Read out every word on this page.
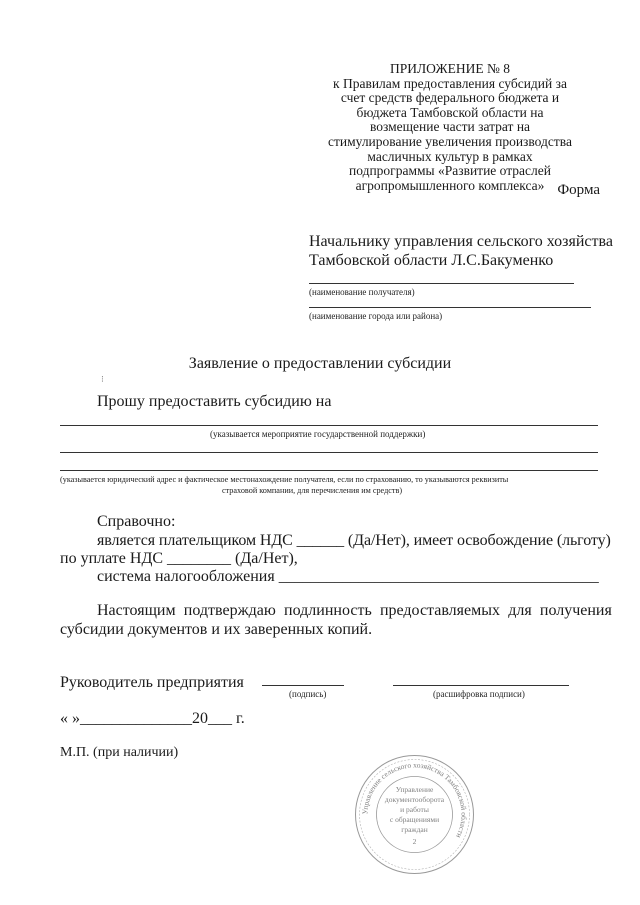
ПРИЛОЖЕНИЕ № 8
к Правилам предоставления субсидий за
счет средств федерального бюджета и
бюджета Тамбовской области на
возмещение части затрат на
стимулирование увеличения производства
масличных культур в рамках
подпрограммы «Развитие отраслей
агропромышленного комплекса» Форма
Начальнику управления сельского хозяйства
Тамбовской области Л.С.Бакуменко
(наименование получателя)
(наименование города или района)
Заявление о предоставлении субсидии
⁝
Прошу предоставить субсидию на
(указывается мероприятие государственной поддержки)
(указывается юридический адрес и фактическое местонахождение получателя, если по страхованию, то указываются реквизиты
страховой компании, для перечисления им средств)
Справочно:
является плательщиком НДС ______ (Да/Нет), имеет освобождение (льготу)
по уплате НДС ________ (Да/Нет),
система налогообложения ________________________________________
Настоящим подтверждаю подлинность предоставляемых для получения
субсидии документов и их заверенных копий.
Руководитель предприятия
(подпись)	(расшифровка подписи)
« »______________20___ г.
М.П. (при наличии)
Управление сельского хозяйства Тамбовской области
Управление
документооборота
и работы
с обращениями
граждан
2
